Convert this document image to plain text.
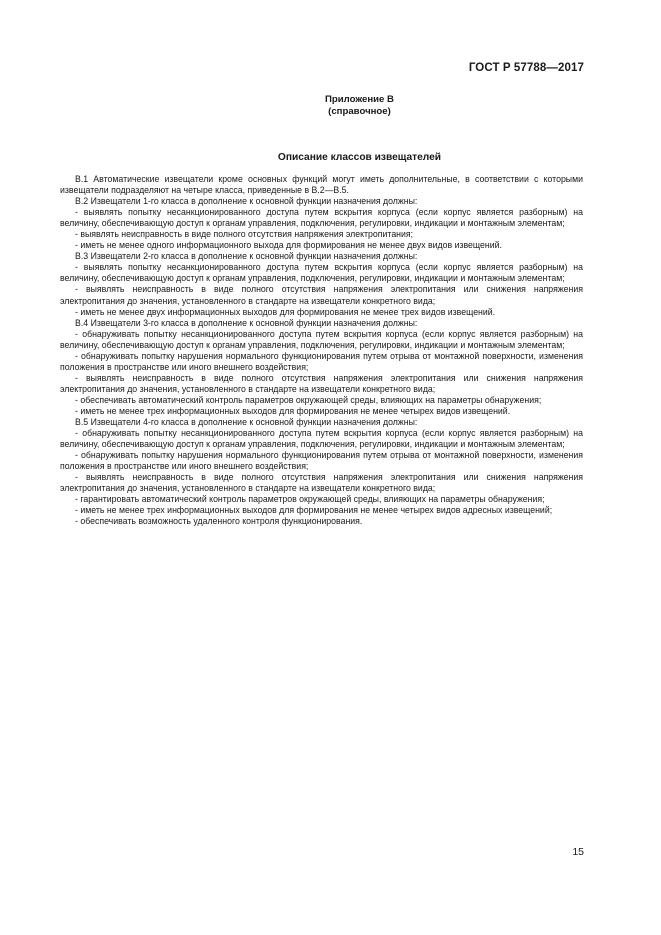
ГОСТ Р 57788—2017
Приложение В
(справочное)
Описание классов извещателей

В.1 Автоматические извещатели кроме основных функций могут иметь дополнительные, в соответствии с которыми извещатели подразделяют на четыре класса, приведенные в В.2—В.5.

В.2 Извещатели 1-го класса в дополнение к основной функции назначения должны:

- выявлять попытку несанкционированного доступа путем вскрытия корпуса (если корпус является разборным) на величину, обеспечивающую доступ к органам управления, подключения, регулировки, индикации и монтажным элементам;

- выявлять неисправность в виде полного отсутствия напряжения электропитания;

- иметь не менее одного информационного выхода для формирования не менее двух видов извещений.

В.3 Извещатели 2-го класса в дополнение к основной функции назначения должны:

- выявлять попытку несанкционированного доступа путем вскрытия корпуса (если корпус является разборным) на величину, обеспечивающую доступ к органам управления, подключения, регулировки, индикации и монтажным элементам;

- выявлять неисправность в виде полного отсутствия напряжения электропитания или снижения напряжения электропитания до значения, установленного в стандарте на извещатели конкретного вида;

- иметь не менее двух информационных выходов для формирования не менее трех видов извещений.

В.4 Извещатели 3-го класса в дополнение к основной функции назначения должны:

- обнаруживать попытку несанкционированного доступа путем вскрытия корпуса (если корпус является разборным) на величину, обеспечивающую доступ к органам управления, подключения, регулировки, индикации и монтажным элементам;

- обнаруживать попытку нарушения нормального функционирования путем отрыва от монтажной поверхности, изменения положения в пространстве или иного внешнего воздействия;

- выявлять неисправность в виде полного отсутствия напряжения электропитания или снижения напряжения электропитания до значения, установленного в стандарте на извещатели конкретного вида;

- обеспечивать автоматический контроль параметров окружающей среды, влияющих на параметры обнаружения;

- иметь не менее трех информационных выходов для формирования не менее четырех видов извещений.

В.5 Извещатели 4-го класса в дополнение к основной функции назначения должны:

- обнаруживать попытку несанкционированного доступа путем вскрытия корпуса (если корпус является разборным) на величину, обеспечивающую доступ к органам управления, подключения, регулировки, индикации и монтажным элементам;

- обнаруживать попытку нарушения нормального функционирования путем отрыва от монтажной поверхности, изменения положения в пространстве или иного внешнего воздействия;

- выявлять неисправность в виде полного отсутствия напряжения электропитания или снижения напряжения электропитания до значения, установленного в стандарте на извещатели конкретного вида;

- гарантировать автоматический контроль параметров окружающей среды, влияющих на параметры обнаружения;

- иметь не менее трех информационных выходов для формирования не менее четырех видов адресных извещений;

- обеспечивать возможность удаленного контроля функционирования.

15
